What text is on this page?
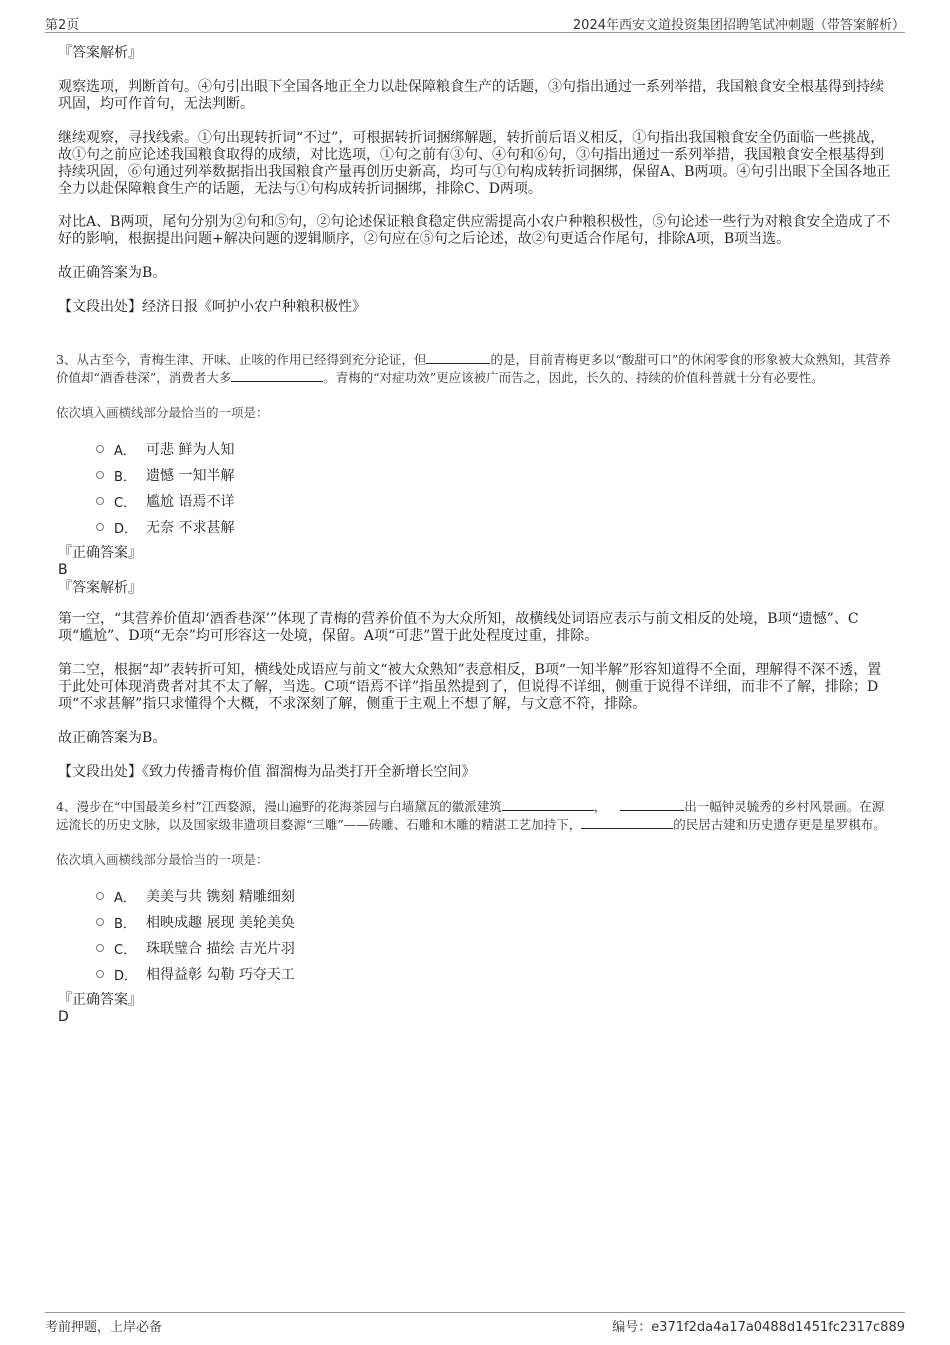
第2页	2024年西安文道投资集团招聘笔试冲刺题（带答案解析）

『答案解析』

观察选项，判断首句。④句引出眼下全国各地正全力以赴保障粮食生产的话题，③句指出通过一系列举措，我国粮食安全根基得到持续巩固，均可作首句，无法判断。

继续观察，寻找线索。①句出现转折词“不过”，可根据转折词捆绑解题，转折前后语义相反，①句指出我国粮食安全仍面临一些挑战，故①句之前应论述我国粮食取得的成绩，对比选项，①句之前有③句、④句和⑥句，③句指出通过一系列举措，我国粮食安全根基得到持续巩固，⑥句通过列举数据指出我国粮食产量再创历史新高，均可与①句构成转折词捆绑，保留A、B两项。④句引出眼下全国各地正全力以赴保障粮食生产的话题，无法与①句构成转折词捆绑，排除C、D两项。

对比A、B两项，尾句分别为②句和⑤句，②句论述保证粮食稳定供应需提高小农户种粮积极性，⑤句论述一些行为对粮食安全造成了不好的影响，根据提出问题+解决问题的逻辑顺序，②句应在⑤句之后论述，故②句更适合作尾句，排除A项，B项当选。

故正确答案为B。

【文段出处】经济日报《呵护小农户种粮积极性》

3、从古至今，青梅生津、开味、止咳的作用已经得到充分论证，但	的是，目前青梅更多以“酸甜可口”的休闲零食的形象被大众熟知，其营养价值却“酒香巷深”，消费者大多	。青梅的“对症功效”更应该被广而告之，因此，长久的、持续的价值科普就十分有必要性。

依次填入画横线部分最恰当的一项是：

A． 可悲 鲜为人知
B． 遗憾 一知半解
C． 尴尬 语焉不详
D． 无奈 不求甚解

『正确答案』

B

『答案解析』

第一空，“其营养价值却‘酒香巷深’”体现了青梅的营养价值不为大众所知，故横线处词语应表示与前文相反的处境，B项“遗憾”、C项“尴尬”、D项“无奈”均可形容这一处境，保留。A项“可悲”置于此处程度过重，排除。

第二空，根据“却”表转折可知，横线处成语应与前文“被大众熟知”表意相反，B项“一知半解”形容知道得不全面，理解得不深不透，置于此处可体现消费者对其不太了解，当选。C项“语焉不详”指虽然提到了，但说得不详细，侧重于说得不详细，而非不了解，排除；D项“不求甚解”指只求懂得个大概，不求深刻了解，侧重于主观上不想了解，与文意不符，排除。

故正确答案为B。

【文段出处】《致力传播青梅价值 溜溜梅为品类打开全新增长空间》

4、漫步在“中国最美乡村”江西婺源，漫山遍野的花海茶园与白墙黛瓦的徽派建筑	，	出一幅钟灵毓秀的乡村风景画。在源远流长的历史文脉，以及国家级非遗项目婺源“三雕”——砖雕、石雕和木雕的精湛工艺加持下，	的民居古建和历史遗存更是星罗棋布。

依次填入画横线部分最恰当的一项是：

A． 美美与共 镌刻 精雕细刻
B． 相映成趣 展现 美轮美奂
C． 珠联璧合 描绘 吉光片羽
D． 相得益彰 勾勒 巧夺天工

『正确答案』

D

考前押题，上岸必备	编号：e371f2da4a17a0488d1451fc2317c889
